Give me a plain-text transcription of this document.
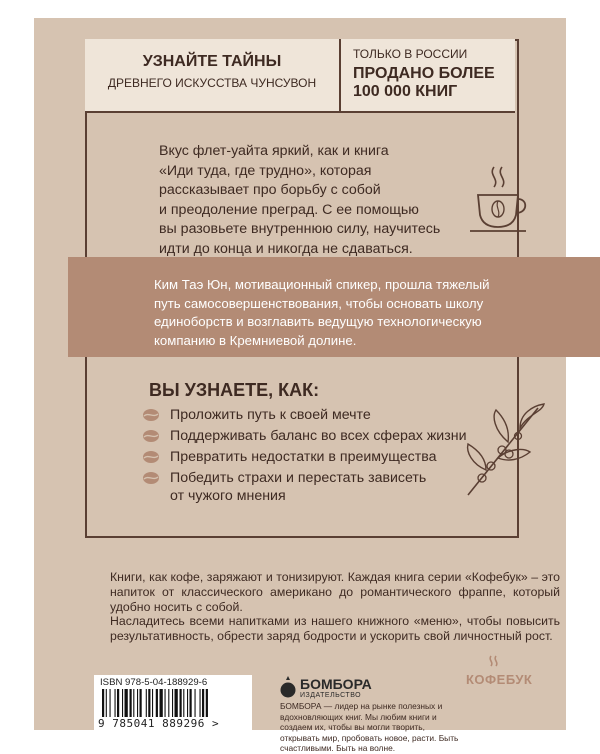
УЗНАЙТЕ ТАЙНЫ
ДРЕВНЕГО ИСКУССТВА ЧУНСУВОН
ТОЛЬКО В РОССИИ
ПРОДАНО БОЛЕЕ
100 000 КНИГ
Вкус флет-уайта яркий, как и книга
«Иди туда, где трудно», которая
рассказывает про борьбу с собой
и преодоление преград. С ее помощью
вы разовьете внутреннюю силу, научитесь
идти до конца и никогда не сдаваться.
Ким Таэ Юн, мотивационный спикер, прошла тяжелый
путь самосовершенствования, чтобы основать школу
единоборств и возглавить ведущую технологическую
компанию в Кремниевой долине.
ВЫ УЗНАЕТЕ, КАК:
Проложить путь к своей мечте
Поддерживать баланс во всех сферах жизни
Превратить недостатки в преимущества
Победить страхи и перестать зависеть
от чужого мнения
Книги, как кофе, заряжают и тонизируют. Каждая книга серии «Кофебук» – это напиток от классического американо до романтического фраппе, который удобно носить с собой.
Насладитесь всеми напитками из нашего книжного «меню», чтобы повысить результативность, обрести заряд бодрости и ускорить свой личностный рост.
ISBN 978-5-04-188929-6
9 785041 889296 >
БОМБОРА
ИЗДАТЕЛЬСТВО
БОМБОРА — лидер на рынке полезных и вдохновляющих книг. Мы любим книги и создаем их, чтобы вы могли творить, открывать мир, пробовать новое, расти. Быть счастливыми. Быть на волне.
КОФЕБУК
